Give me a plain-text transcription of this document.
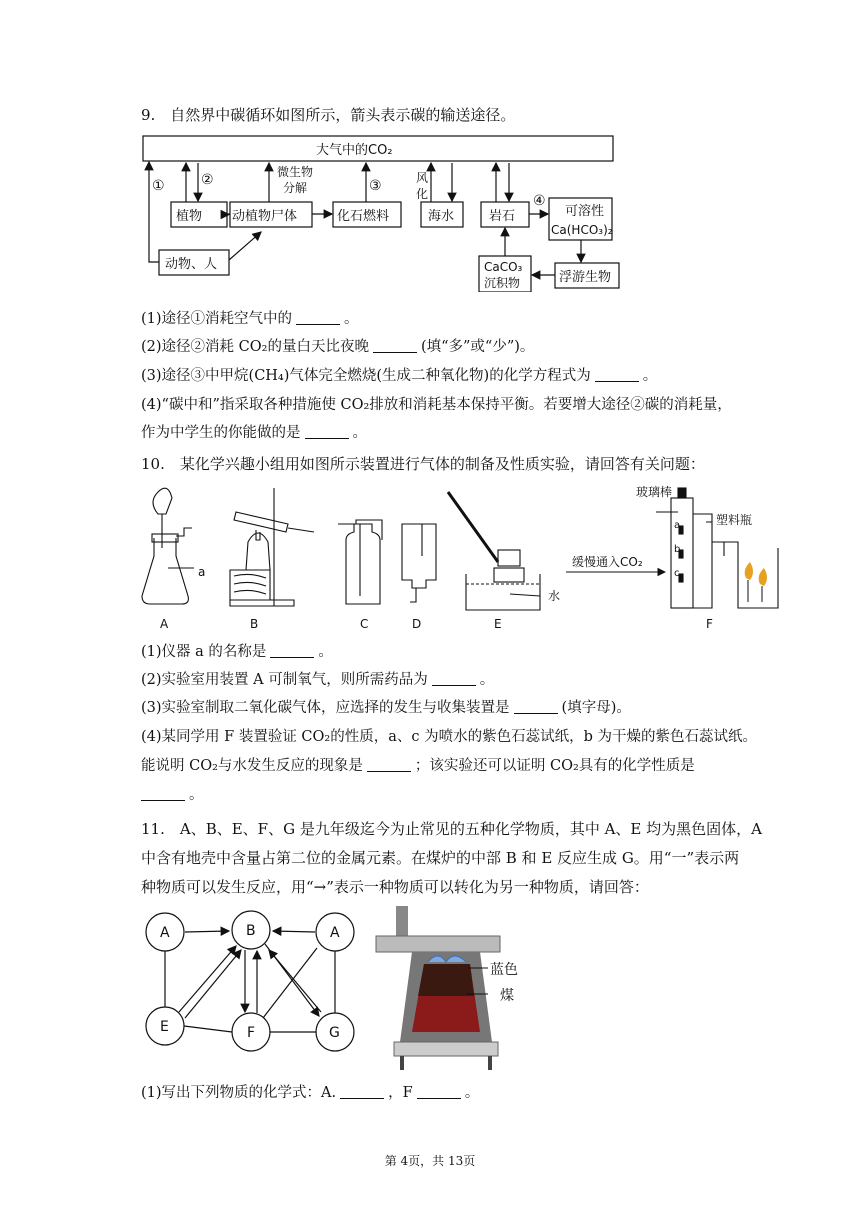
9.　自然界中碳循环如图所示，箭头表示碳的输送途径。
大气中的CO₂
植物 动植物尸体	化石燃料	海水	岩石	可溶性
Ca(HCO₃)₂
动物、人	CaCO₃
沉积物	浮游生物
微生物
分解
风
化
①	②	③
④
(1)途径①消耗空气中的	。
(2)途径②消耗 CO₂的量白天比夜晚	(填“多”或“少”)。
(3)途径③中甲烷(CH₄)气体完全燃烧(生成二种氧化物)的化学方程式为	。
(4)“碳中和”指采取各种措施使 CO₂排放和消耗基本保持平衡。若要增大途径②碳的消耗量，
作为中学生的你能做的是	。
10.　某化学兴趣小组用如图所示装置进行气体的制备及性质实验，请回答有关问题：
a
A	B	C	D	E	F
水
玻璃棒
塑料瓶
缓慢通入CO₂
a
b
c
(1)仪器 a 的名称是	。
(2)实验室用装置 A 可制氧气，则所需药品为	。
(3)实验室制取二氧化碳气体，应选择的发生与收集装置是	(填字母)。
(4)某同学用 F 装置验证 CO₂的性质，a、c 为喷水的紫色石蕊试纸，b 为干燥的紫色石蕊试纸。
能说明 CO₂与水发生反应的现象是	；该实验还可以证明 CO₂具有的化学性质是
。
11.　A、B、E、F、G 是九年级迄今为止常见的五种化学物质，其中 A、E 均为黑色固体，A
中含有地壳中含量占第二位的金属元素。在煤炉的中部 B 和 E 反应生成 G。用“一”表示两
种物质可以发生反应，用“→”表示一种物质可以转化为另一种物质，请回答：
A	B	A
E	F	G
蓝色
煤
(1)写出下列物质的化学式：A.	，F	。
第 4页，共 13页
